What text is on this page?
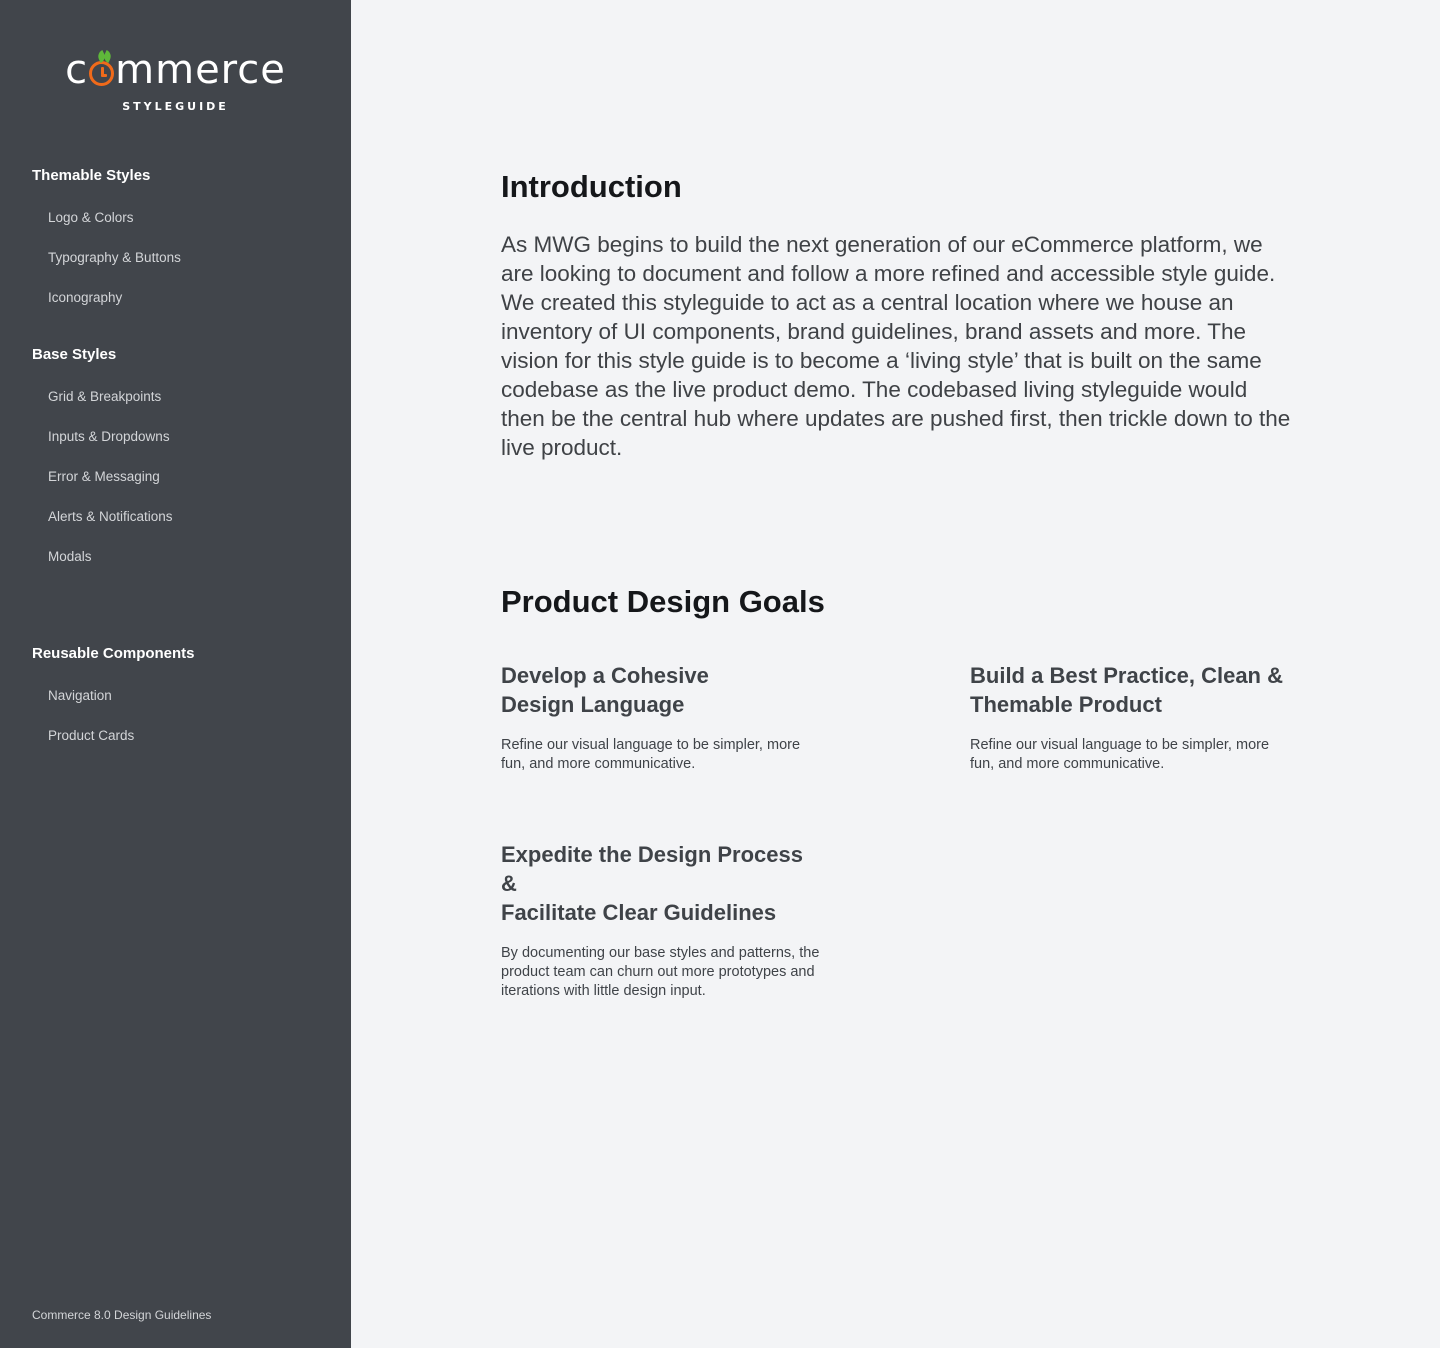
c mmerce
STYLEGUIDE
Themable Styles
Logo & Colors
Typography & Buttons
Iconography
Base Styles
Grid & Breakpoints
Inputs & Dropdowns
Error & Messaging
Alerts & Notifications
Modals
Reusable Components
Navigation
Product Cards
Commerce 8.0 Design Guidelines
Introduction

As MWG begins to build the next generation of our eCommerce platform, we are looking to document and follow a more refined and accessible style guide. We created this styleguide to act as a central location where we house an inventory of UI components, brand guidelines, brand assets and more. The vision for this style guide is to become a ‘living style’ that is built on the same codebase as the live product demo. The codebased living styleguide would then be the central hub where updates are pushed first, then trickle down to the live product.

Product Design Goals
Develop a Cohesive
Design Language

Refine our visual language to be simpler, more fun, and more communicative.

Build a Best Practice, Clean &
Themable Product

Refine our visual language to be simpler, more fun, and more communicative.

Expedite the Design Process &
Facilitate Clear Guidelines

By documenting our base styles and patterns, the product team can churn out more prototypes and iterations with little design input.
